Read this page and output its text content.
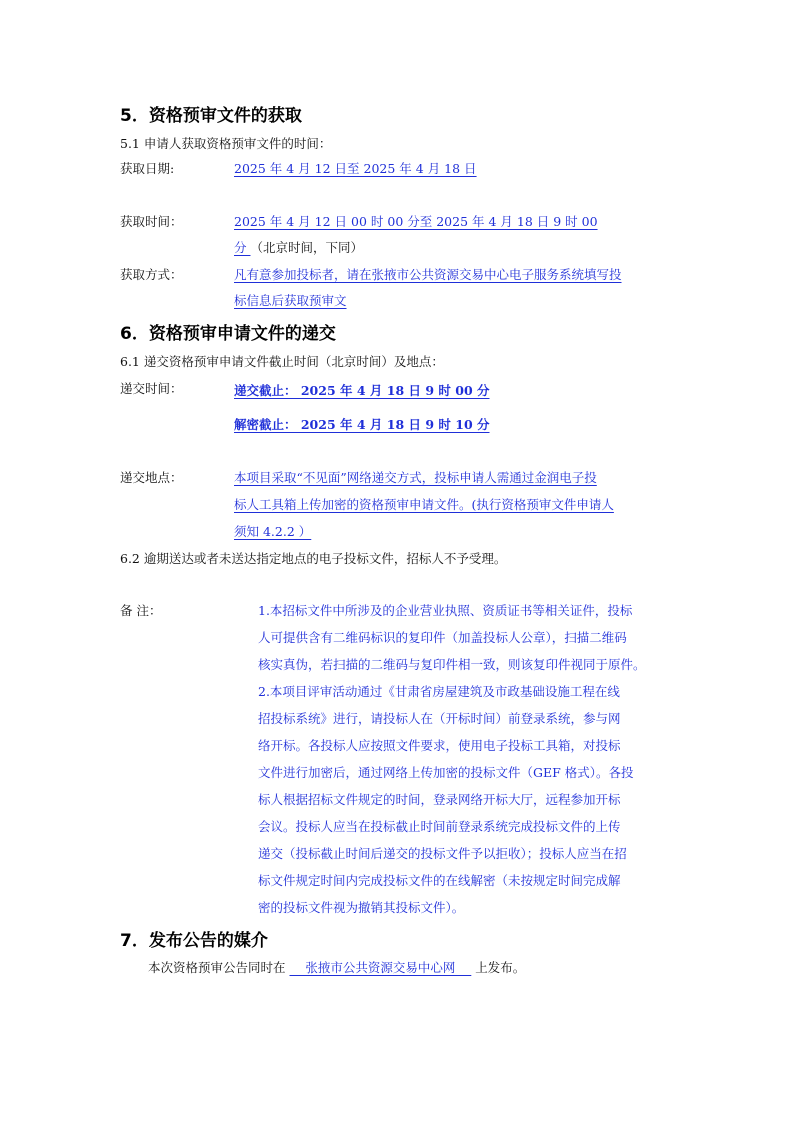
5．资格预审文件的获取
5.1 申请人获取资格预审文件的时间：
获取日期:	2025 年 4 月 12 日至 2025 年 4 月 18 日
获取时间：	2025 年 4 月 12 日 00 时 00 分至 2025 年 4 月 18 日 9 时 00
分 （北京时间，下同）
获取方式：	凡有意参加投标者，请在张掖市公共资源交易中心电子服务系统填写投
标信息后获取预审文
6．资格预审申请文件的递交
6.1 递交资格预审申请文件截止时间（北京时间）及地点：
递交时间：	递交截止： 2025 年 4 月 18 日 9 时 00 分
解密截止： 2025 年 4 月 18 日 9 时 10 分
递交地点：	本项目采取“不见面”网络递交方式，投标申请人需通过金润电子投
标人工具箱上传加密的资格预审申请文件。(执行资格预审文件申请人
须知 4.2.2 ）
6.2 逾期送达或者未送达指定地点的电子投标文件，招标人不予受理。
备 注：	1.本招标文件中所涉及的企业营业执照、资质证书等相关证件，投标
人可提供含有二维码标识的复印件（加盖投标人公章），扫描二维码
核实真伪，若扫描的二维码与复印件相一致，则该复印件视同于原件。
2.本项目评审活动通过《甘肃省房屋建筑及市政基础设施工程在线
招投标系统》进行，请投标人在（开标时间）前登录系统，参与网
络开标。各投标人应按照文件要求，使用电子投标工具箱，对投标
文件进行加密后，通过网络上传加密的投标文件（GEF 格式）。各投
标人根据招标文件规定的时间，登录网络开标大厅，远程参加开标
会议。投标人应当在投标截止时间前登录系统完成投标文件的上传
递交（投标截止时间后递交的投标文件予以拒收）；投标人应当在招
标文件规定时间内完成投标文件的在线解密（未按规定时间完成解
密的投标文件视为撤销其投标文件）。
7．发布公告的媒介
本次资格预审公告同时在     张掖市公共资源交易中心网     上发布。
